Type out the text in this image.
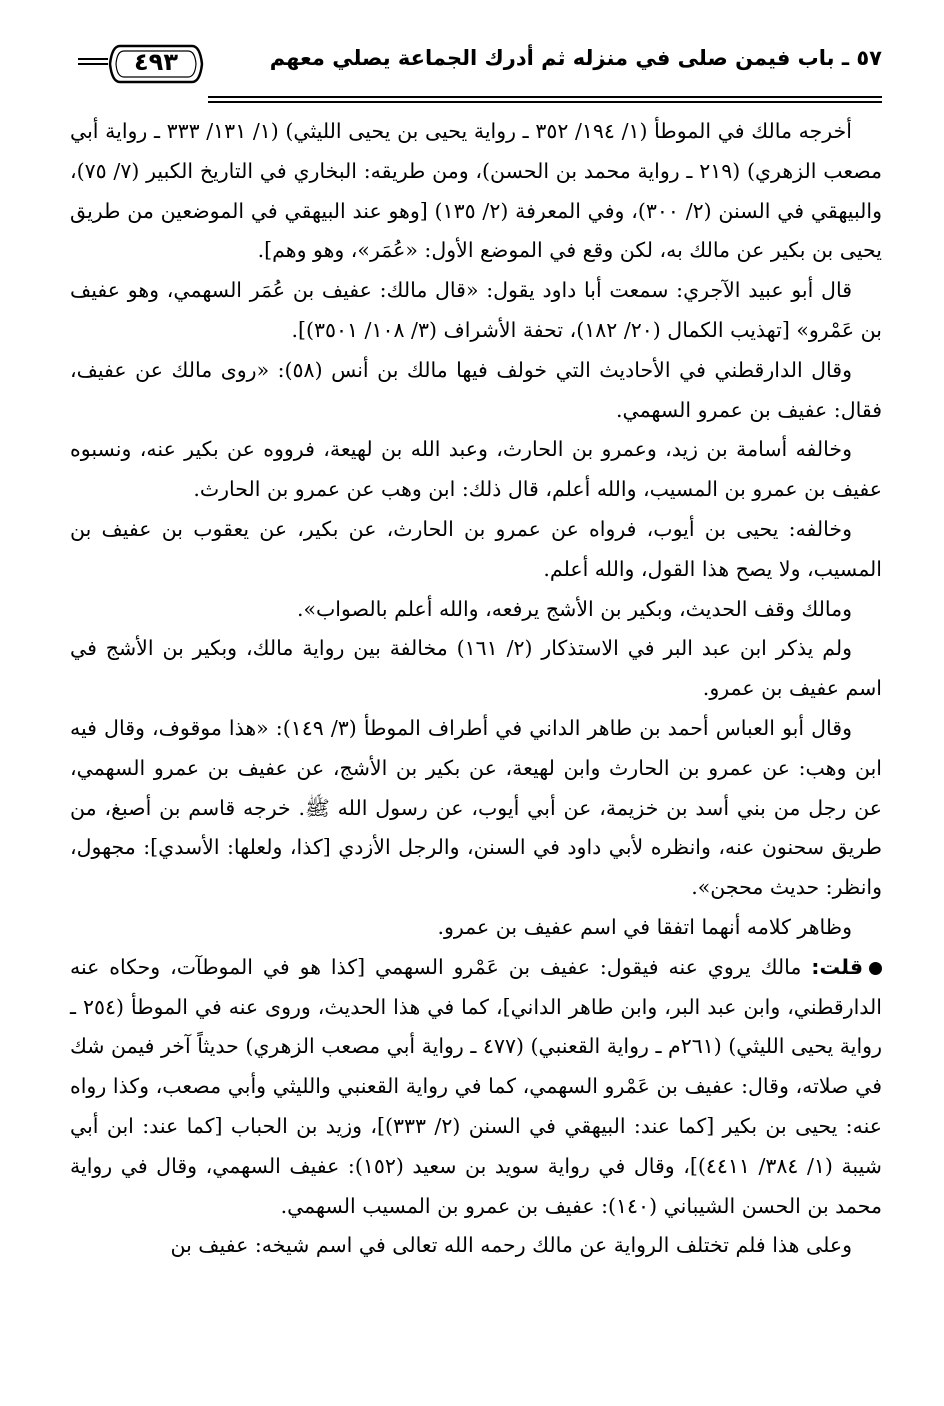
٥٧ ـ باب فيمن صلى في منزله ثم أدرك الجماعة يصلي معهم
٤٩٣

أخرجه مالك في الموطأ (١/ ١٩٤/ ٣٥٢ ـ رواية يحيى بن يحيى الليثي) (١/ ١٣١/ ٣٣٣ ـ رواية أبي مصعب الزهري) (٢١٩ ـ رواية محمد بن الحسن)، ومن طريقه: البخاري في التاريخ الكبير (٧/ ٧٥)، والبيهقي في السنن (٢/ ٣٠٠)، وفي المعرفة (٢/ ١٣٥) [وهو عند البيهقي في الموضعين من طريق يحيى بن بكير عن مالك به، لكن وقع في الموضع الأول: «عُمَر»، وهو وهم].

قال أبو عبيد الآجري: سمعت أبا داود يقول: «قال مالك: عفيف بن عُمَر السهمي، وهو عفيف بن عَمْرو» [تهذيب الكمال (٢٠/ ١٨٢)، تحفة الأشراف (٣/ ١٠٨/ ٣٥٠١)].

وقال الدارقطني في الأحاديث التي خولف فيها مالك بن أنس (٥٨): «روى مالك عن عفيف، فقال: عفيف بن عمرو السهمي.

وخالفه أسامة بن زيد، وعمرو بن الحارث، وعبد الله بن لهيعة، فرووه عن بكير عنه، ونسبوه عفيف بن عمرو بن المسيب، والله أعلم، قال ذلك: ابن وهب عن عمرو بن الحارث.

وخالفه: يحيى بن أيوب، فرواه عن عمرو بن الحارث، عن بكير، عن يعقوب بن عفيف بن المسيب، ولا يصح هذا القول، والله أعلم.

ومالك وقف الحديث، وبكير بن الأشج يرفعه، والله أعلم بالصواب».

ولم يذكر ابن عبد البر في الاستذكار (٢/ ١٦١) مخالفة بين رواية مالك، وبكير بن الأشج في اسم عفيف بن عمرو.

وقال أبو العباس أحمد بن طاهر الداني في أطراف الموطأ (٣/ ١٤٩): «هذا موقوف، وقال فيه ابن وهب: عن عمرو بن الحارث وابن لهيعة، عن بكير بن الأشج، عن عفيف بن عمرو السهمي، عن رجل من بني أسد بن خزيمة، عن أبي أيوب، عن رسول الله ﷺ. خرجه قاسم بن أصبغ، من طريق سحنون عنه، وانظره لأبي داود في السنن، والرجل الأزدي [كذا، ولعلها: الأسدي]: مجهول، وانظر: حديث محجن».

وظاهر كلامه أنهما اتفقا في اسم عفيف بن عمرو.

قلت: مالك يروي عنه فيقول: عفيف بن عَمْرو السهمي [كذا هو في الموطآت، وحكاه عنه الدارقطني، وابن عبد البر، وابن طاهر الداني]، كما في هذا الحديث، وروى عنه في الموطأ (٢٥٤ ـ رواية يحيى الليثي) (٢٦١م ـ رواية القعنبي) (٤٧٧ ـ رواية أبي مصعب الزهري) حديثاً آخر فيمن شك في صلاته، وقال: عفيف بن عَمْرو السهمي، كما في رواية القعنبي والليثي وأبي مصعب، وكذا رواه عنه: يحيى بن بكير [كما عند: البيهقي في السنن (٢/ ٣٣٣)]، وزيد بن الحباب [كما عند: ابن أبي شيبة (١/ ٣٨٤/ ٤٤١١)]، وقال في رواية سويد بن سعيد (١٥٢): عفيف السهمي، وقال في رواية محمد بن الحسن الشيباني (١٤٠): عفيف بن عمرو بن المسيب السهمي.

وعلى هذا فلم تختلف الرواية عن مالك رحمه الله تعالى في اسم شيخه: عفيف بن
